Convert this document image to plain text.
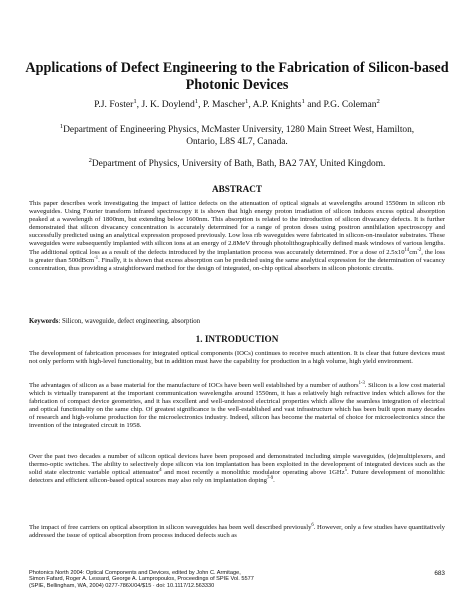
Applications of Defect Engineering to the Fabrication of Silicon-based
Photonic Devices
P.J. Foster$^1$, J. K. Doylend$^1$, P. Mascher$^1$, A.P. Knights$^1$ and P.G. Coleman$^2$
$^1$Department of Engineering Physics, McMaster University, 1280 Main Street West, Hamilton,
Ontario, L8S 4L7, Canada.
$^2$Department of Physics, University of Bath, Bath, BA2 7AY, United Kingdom.
ABSTRACT

This paper describes work investigating the impact of lattice defects on the attenuation of optical signals at wavelengths around 1550nm in silicon rib waveguides. Using Fourier transform infrared spectroscopy it is shown that high energy proton irradiation of silicon induces excess optical absorption peaked at a wavelength of 1800nm, but extending below 1600nm. This absorption is related to the introduction of silicon divacancy defects. It is further demonstrated that silicon divacancy concentration is accurately determined for a range of proton doses using positron annihilation spectroscopy and successfully predicted using an analytical expression proposed previously. Low loss rib waveguides were fabricated in silicon-on-insulator substrates. These waveguides were subsequently implanted with silicon ions at an energy of 2.8MeV through photolithographically defined mask windows of various lengths. The additional optical loss as a result of the defects introduced by the implantation process was accurately determined. For a dose of $2.5x10^{14}cm^{-2}$, the loss is greater than 500dBcm$^{-1}$. Finally, it is shown that excess absorption can be predicted using the same analytical expression for the determination of vacancy concentration, thus providing a straightforward method for the design of integrated, on-chip optical absorbers in silicon photonic circuits.

Keywords: Silicon, waveguide, defect engineering, absorption
1. INTRODUCTION

The development of fabrication processes for integrated optical components (IOCs) continues to receive much attention. It is clear that future devices must not only perform with high-level functionality, but in addition must have the capability for production in a high volume, high yield environment.

The advantages of silicon as a base material for the manufacture of IOCs have been well established by a number of authors$^{1-3}$. Silicon is a low cost material which is virtually transparent at the important communication wavelengths around 1550nm, it has a relatively high refractive index which allows for the fabrication of compact device geometries, and it has excellent and well-understood electrical properties which allow the seamless integration of electrical and optical functionality on the same chip. Of greatest significance is the well-established and vast infrastructure which has been built upon many decades of research and high-volume production for the microelectronics industry. Indeed, silicon has become the material of choice for microelectronics since the invention of the integrated circuit in 1958.

Over the past two decades a number of silicon optical devices have been proposed and demonstrated including simple waveguides, (de)multiplexers, and thermo-optic switches. The ability to selectively dope silicon via ion implantation has been exploited in the development of integrated devices such as the solid state electronic variable optical attenuator$^4$ and most recently a monolithic modulator operating above 1GHz$^5$. Future development of monolithic detectors and efficient silicon-based optical sources may also rely on implantation doping$^{7-9}$.

The impact of free carriers on optical absorption in silicon waveguides has been well described previously$^6$. However, only a few studies have quantitatively addressed the issue of optical absorption from process induced defects such as

Photonics North 2004: Optical Components and Devices, edited by John C. Armitage,
Simon Fafard, Roger A. Lessard, George A. Lampropoulos, Proceedings of SPIE Vol. 5577
(SPIE, Bellingham, WA, 2004) 0277-786X/04/$15 · doi: 10.1117/12.563330
683
